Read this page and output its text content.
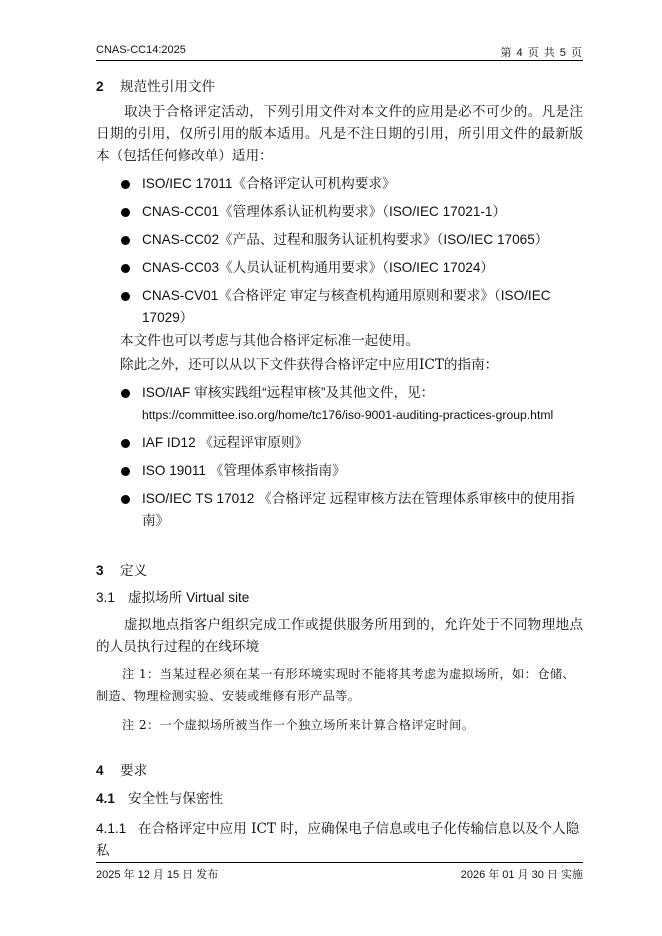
CNAS-CC14:2025	第 4 页 共 5 页
2 规范性引用文件

取决于合格评定活动，下列引用文件对本文件的应用是必不可少的。凡是注日期的引用，仅所引用的版本适用。凡是不注日期的引用，所引用文件的最新版本（包括任何修改单）适用：

ISO/IEC 17011《合格评定认可机构要求》
CNAS-CC01《管理体系认证机构要求》（ISO/IEC 17021-1）
CNAS-CC02《产品、过程和服务认证机构要求》（ISO/IEC 17065）
CNAS-CC03《人员认证机构通用要求》（ISO/IEC 17024）
CNAS-CV01《合格评定 审定与核查机构通用原则和要求》（ISO/IEC 17029）

本文件也可以考虑与其他合格评定标准一起使用。

除此之外，还可以从以下文件获得合格评定中应用ICT的指南：

ISO/IAF 审核实践组“远程审核”及其他文件，见：
https://committee.iso.org/home/tc176/iso-9001-auditing-practices-group.html
IAF ID12 《远程评审原则》
ISO 19011 《管理体系审核指南》
ISO/IEC TS 17012 《合格评定 远程审核方法在管理体系审核中的使用指南》
3 定义
3.1 虚拟场所 Virtual site

虚拟地点指客户组织完成工作或提供服务所用到的，允许处于不同物理地点的人员执行过程的在线环境

注 1：当某过程必须在某一有形环境实现时不能将其考虑为虚拟场所，如：仓储、制造、物理检测实验、安装或维修有形产品等。

注 2：一个虚拟场所被当作一个独立场所来计算合格评定时间。

4 要求
4.1 安全性与保密性
4.1.1 在合格评定中应用 ICT 时，应确保电子信息或电子化传输信息以及个人隐私
2025 年 12 月 15 日 发布	2026 年 01 月 30 日 实施
